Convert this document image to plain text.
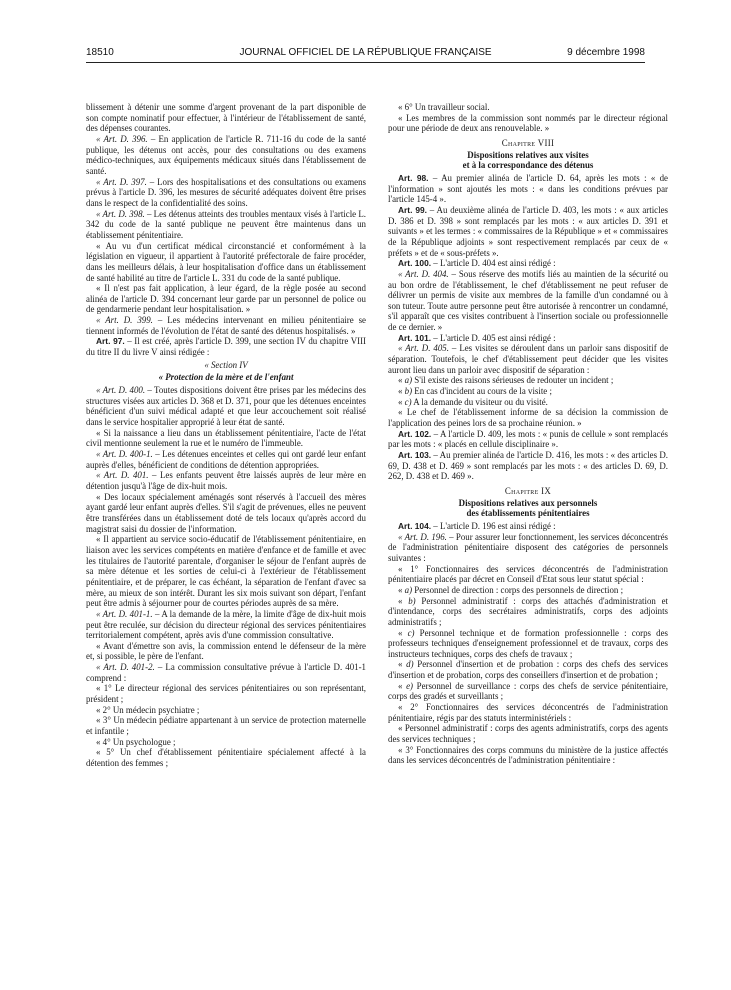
18510	JOURNAL OFFICIEL DE LA RÉPUBLIQUE FRANÇAISE	9 décembre 1998

blissement à détenir une somme d'argent provenant de la part disponible de son compte nominatif pour effectuer, à l'intérieur de l'établissement de santé, des dépenses courantes.

« Art. D. 396. – En application de l'article R. 711-16 du code de la santé publique, les détenus ont accès, pour des consultations ou des examens médico-techniques, aux équipements médicaux situés dans l'établissement de santé.

« Art. D. 397. – Lors des hospitalisations et des consultations ou examens prévus à l'article D. 396, les mesures de sécurité adéquates doivent être prises dans le respect de la confidentialité des soins.

« Art. D. 398. – Les détenus atteints des troubles mentaux visés à l'article L. 342 du code de la santé publique ne peuvent être maintenus dans un établissement pénitentiaire.

« Au vu d'un certificat médical circonstancié et conformément à la législation en vigueur, il appartient à l'autorité préfectorale de faire procéder, dans les meilleurs délais, à leur hospitalisation d'office dans un établissement de santé habilité au titre de l'article L. 331 du code de la santé publique.

« Il n'est pas fait application, à leur égard, de la règle posée au second alinéa de l'article D. 394 concernant leur garde par un personnel de police ou de gendarmerie pendant leur hospitalisation. »

« Art. D. 399. – Les médecins intervenant en milieu pénitentiaire se tiennent informés de l'évolution de l'état de santé des détenus hospitalisés. »

Art. 97. – Il est créé, après l'article D. 399, une section IV du chapitre VIII du titre II du livre V ainsi rédigée :

« Section IV

« Protection de la mère et de l'enfant

« Art. D. 400. – Toutes dispositions doivent être prises par les médecins des structures visées aux articles D. 368 et D. 371, pour que les détenues enceintes bénéficient d'un suivi médical adapté et que leur accouchement soit réalisé dans le service hospitalier approprié à leur état de santé.

« Si la naissance a lieu dans un établissement pénitentiaire, l'acte de l'état civil mentionne seulement la rue et le numéro de l'immeuble.

« Art. D. 400-1. – Les détenues enceintes et celles qui ont gardé leur enfant auprès d'elles, bénéficient de conditions de détention appropriées.

« Art. D. 401. – Les enfants peuvent être laissés auprès de leur mère en détention jusqu'à l'âge de dix-huit mois.

« Des locaux spécialement aménagés sont réservés à l'accueil des mères ayant gardé leur enfant auprès d'elles. S'il s'agit de prévenues, elles ne peuvent être transférées dans un établissement doté de tels locaux qu'après accord du magistrat saisi du dossier de l'information.

« Il appartient au service socio-éducatif de l'établissement pénitentiaire, en liaison avec les services compétents en matière d'enfance et de famille et avec les titulaires de l'autorité parentale, d'organiser le séjour de l'enfant auprès de sa mère détenue et les sorties de celui-ci à l'extérieur de l'établissement pénitentiaire, et de préparer, le cas échéant, la séparation de l'enfant d'avec sa mère, au mieux de son intérêt. Durant les six mois suivant son départ, l'enfant peut être admis à séjourner pour de courtes périodes auprès de sa mère.

« Art. D. 401-1. – A la demande de la mère, la limite d'âge de dix-huit mois peut être reculée, sur décision du directeur régional des services pénitentiaires territorialement compétent, après avis d'une commission consultative.

« Avant d'émettre son avis, la commission entend le défenseur de la mère et, si possible, le père de l'enfant.

« Art. D. 401-2. – La commission consultative prévue à l'article D. 401-1 comprend :

« 1° Le directeur régional des services pénitentiaires ou son représentant, président ;

« 2° Un médecin psychiatre ;

« 3° Un médecin pédiatre appartenant à un service de protection maternelle et infantile ;

« 4° Un psychologue ;

« 5° Un chef d'établissement pénitentiaire spécialement affecté à la détention des femmes ;

« 6° Un travailleur social.

« Les membres de la commission sont nommés par le directeur régional pour une période de deux ans renouvelable. »

Chapitre VIII

Dispositions relatives aux visites

et à la correspondance des détenus

Art. 98. – Au premier alinéa de l'article D. 64, après les mots : « de l'information » sont ajoutés les mots : « dans les conditions prévues par l'article 145-4 ».

Art. 99. – Au deuxième alinéa de l'article D. 403, les mots : « aux articles D. 386 et D. 398 » sont remplacés par les mots : « aux articles D. 391 et suivants » et les termes : « commissaires de la République » et « commissaires de la République adjoints » sont respectivement remplacés par ceux de « préfets » et de « sous-préfets ».

Art. 100. – L'article D. 404 est ainsi rédigé :

« Art. D. 404. – Sous réserve des motifs liés au maintien de la sécurité ou au bon ordre de l'établissement, le chef d'établissement ne peut refuser de délivrer un permis de visite aux membres de la famille d'un condamné ou à son tuteur. Toute autre personne peut être autorisée à rencontrer un condamné, s'il apparaît que ces visites contribuent à l'insertion sociale ou professionnelle de ce dernier. »

Art. 101. – L'article D. 405 est ainsi rédigé :

« Art. D. 405. – Les visites se déroulent dans un parloir sans dispositif de séparation. Toutefois, le chef d'établissement peut décider que les visites auront lieu dans un parloir avec dispositif de séparation :

« a) S'il existe des raisons sérieuses de redouter un incident ;

« b) En cas d'incident au cours de la visite ;

« c) A la demande du visiteur ou du visité.

« Le chef de l'établissement informe de sa décision la commission de l'application des peines lors de sa prochaine réunion. »

Art. 102. – A l'article D. 409, les mots : « punis de cellule » sont remplacés par les mots : « placés en cellule disciplinaire ».

Art. 103. – Au premier alinéa de l'article D. 416, les mots : « des articles D. 69, D. 438 et D. 469 » sont remplacés par les mots : « des articles D. 69, D. 262, D. 438 et D. 469 ».

Chapitre IX

Dispositions relatives aux personnels

des établissements pénitentiaires

Art. 104. – L'article D. 196 est ainsi rédigé :

« Art. D. 196. – Pour assurer leur fonctionnement, les services déconcentrés de l'administration pénitentiaire disposent des catégories de personnels suivantes :

« 1° Fonctionnaires des services déconcentrés de l'administration pénitentiaire placés par décret en Conseil d'Etat sous leur statut spécial :

« a) Personnel de direction : corps des personnels de direction ;

« b) Personnel administratif : corps des attachés d'administration et d'intendance, corps des secrétaires administratifs, corps des adjoints administratifs ;

« c) Personnel technique et de formation professionnelle : corps des professeurs techniques d'enseignement professionnel et de travaux, corps des instructeurs techniques, corps des chefs de travaux ;

« d) Personnel d'insertion et de probation : corps des chefs des services d'insertion et de probation, corps des conseillers d'insertion et de probation ;

« e) Personnel de surveillance : corps des chefs de service pénitentiaire, corps des gradés et surveillants ;

« 2° Fonctionnaires des services déconcentrés de l'administration pénitentiaire, régis par des statuts interministériels :

« Personnel administratif : corps des agents administratifs, corps des agents des services techniques ;

« 3° Fonctionnaires des corps communs du ministère de la justice affectés dans les services déconcentrés de l'administration pénitentiaire :
